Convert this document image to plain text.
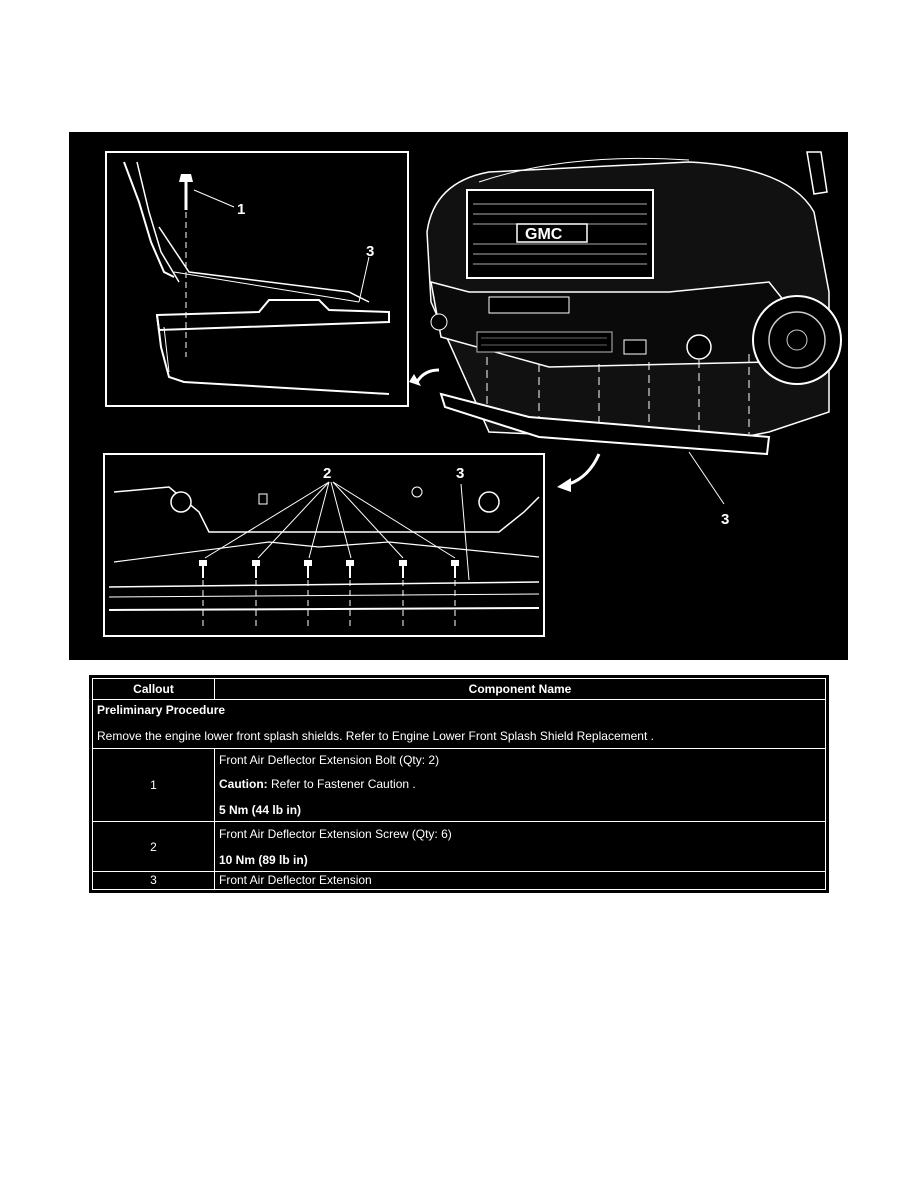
1
3
GMC
3
2	3
Callout	Component Name

Preliminary Procedure
Remove the engine lower front splash shields. Refer to Engine Lower Front Splash Shield Replacement .	

1	Front Air Deflector Extension Bolt (Qty: 2)
Caution: Refer to Fastener Caution .
5 Nm (44 lb in)

2	Front Air Deflector Extension Screw (Qty: 6)
10 Nm (89 lb in)

3	Front Air Deflector Extension
